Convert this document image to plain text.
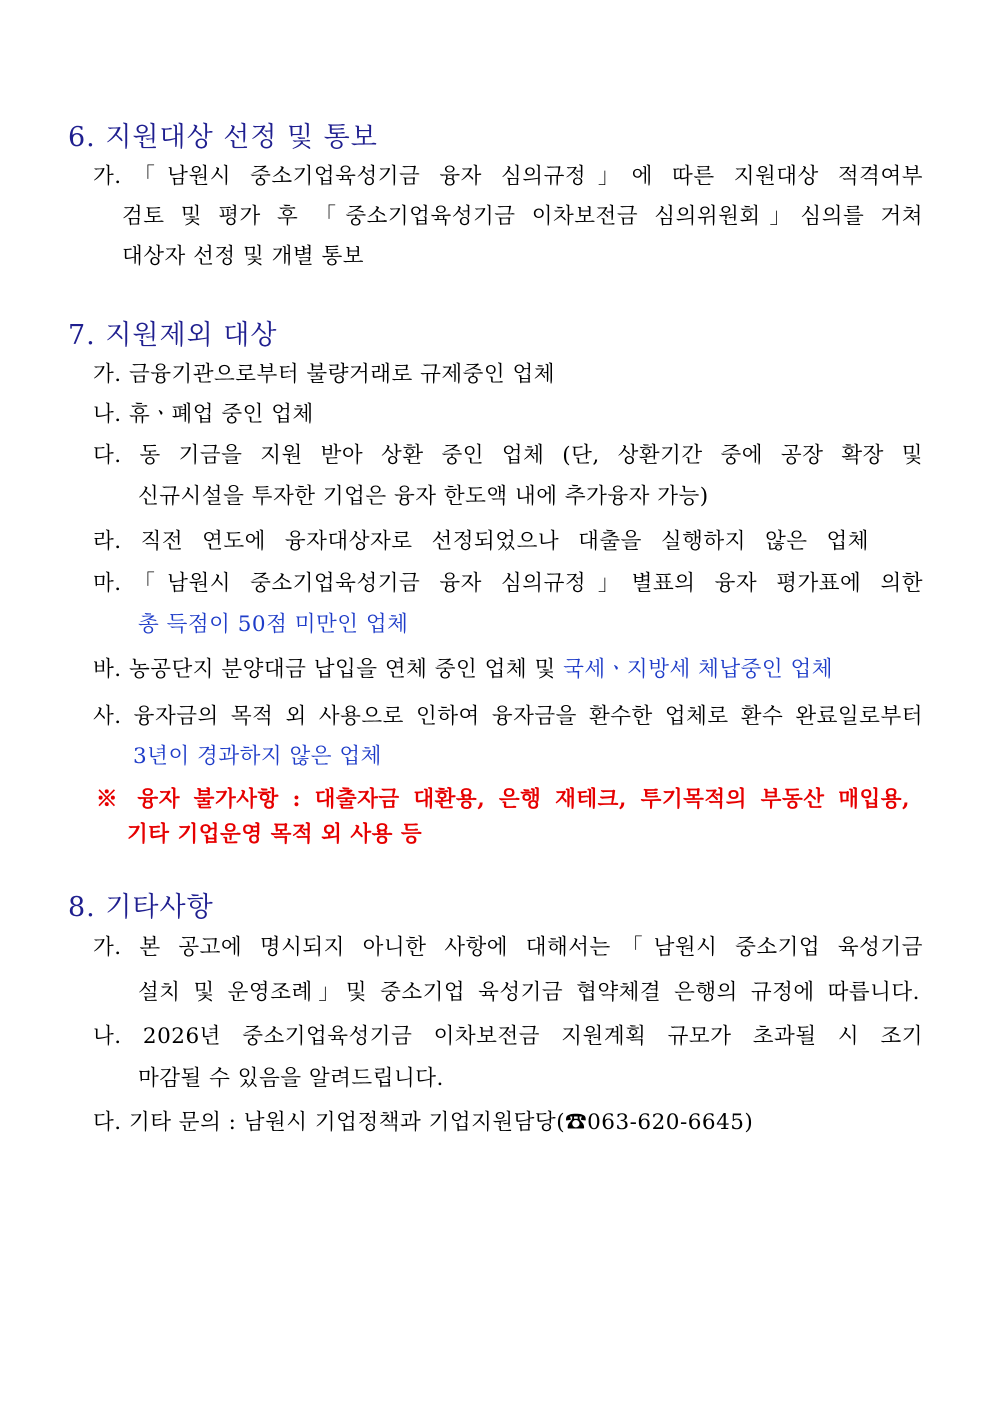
6. 지원대상 선정 및 통보

가.「남원시 중소기업육성기금 융자 심의규정」에 따른 지원대상 적격여부

검토 및 평가 후 「중소기업육성기금 이차보전금 심의위원회」심의를 거쳐

대상자 선정 및 개별 통보

7. 지원제외 대상

가. 금융기관으로부터 불량거래로 규제중인 업체

나. 휴ㆍ폐업 중인 업체

다. 동 기금을 지원 받아 상환 중인 업체 (단, 상환기간 중에 공장 확장 및

신규시설을 투자한 기업은 융자 한도액 내에 추가융자 가능)

라. 직전 연도에 융자대상자로 선정되었으나 대출을 실행하지 않은 업체

마.「남원시 중소기업육성기금 융자 심의규정」별표의 융자 평가표에 의한

총 득점이 50점 미만인 업체

바. 농공단지 분양대금 납입을 연체 중인 업체 및 국세ㆍ지방세 체납중인 업체

사. 융자금의 목적 외 사용으로 인하여 융자금을 환수한 업체로 환수 완료일로부터

3년이 경과하지 않은 업체

※ 융자 불가사항 : 대출자금 대환용, 은행 재테크, 투기목적의 부동산 매입용,

기타 기업운영 목적 외 사용 등

8. 기타사항

가. 본 공고에 명시되지 아니한 사항에 대해서는「남원시 중소기업 육성기금

설치 및 운영조례」및 중소기업 육성기금 협약체결 은행의 규정에 따릅니다.

나. 2026년 중소기업육성기금 이차보전금 지원계획 규모가 초과될 시 조기

마감될 수 있음을 알려드립니다.

다. 기타 문의 : 남원시 기업정책과 기업지원담당(☎063-620-6645)
